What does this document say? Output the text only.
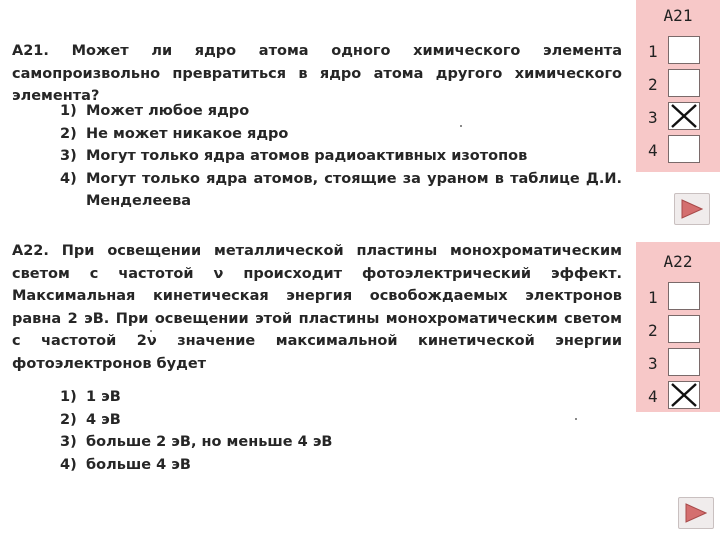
A21. Может ли ядро атома одного химического элемента самопроизвольно превратиться в ядро атома другого химического элемента?
1) Может любое ядро
2) Не может никакое ядро
3) Могут только ядра атомов радиоактивных изотопов
4) Могут только ядра атомов, стоящие за ураном в таблице Д.И. Менделеева
A22. При освещении металлической пластины монохроматическим светом с частотой ν происходит фотоэлектрический эффект. Максимальная кинетическая энергия освобождаемых электронов равна 2 эВ. При освещении этой пластины монохроматическим светом с частотой 2ν значение максимальной кинетической энергии фотоэлектронов будет
1) 1 эВ
2) 4 эВ
3) больше 2 эВ, но меньше 4 эВ
4) больше 4 эВ
A21
1
2
3
4
A22
1
2
3
4
